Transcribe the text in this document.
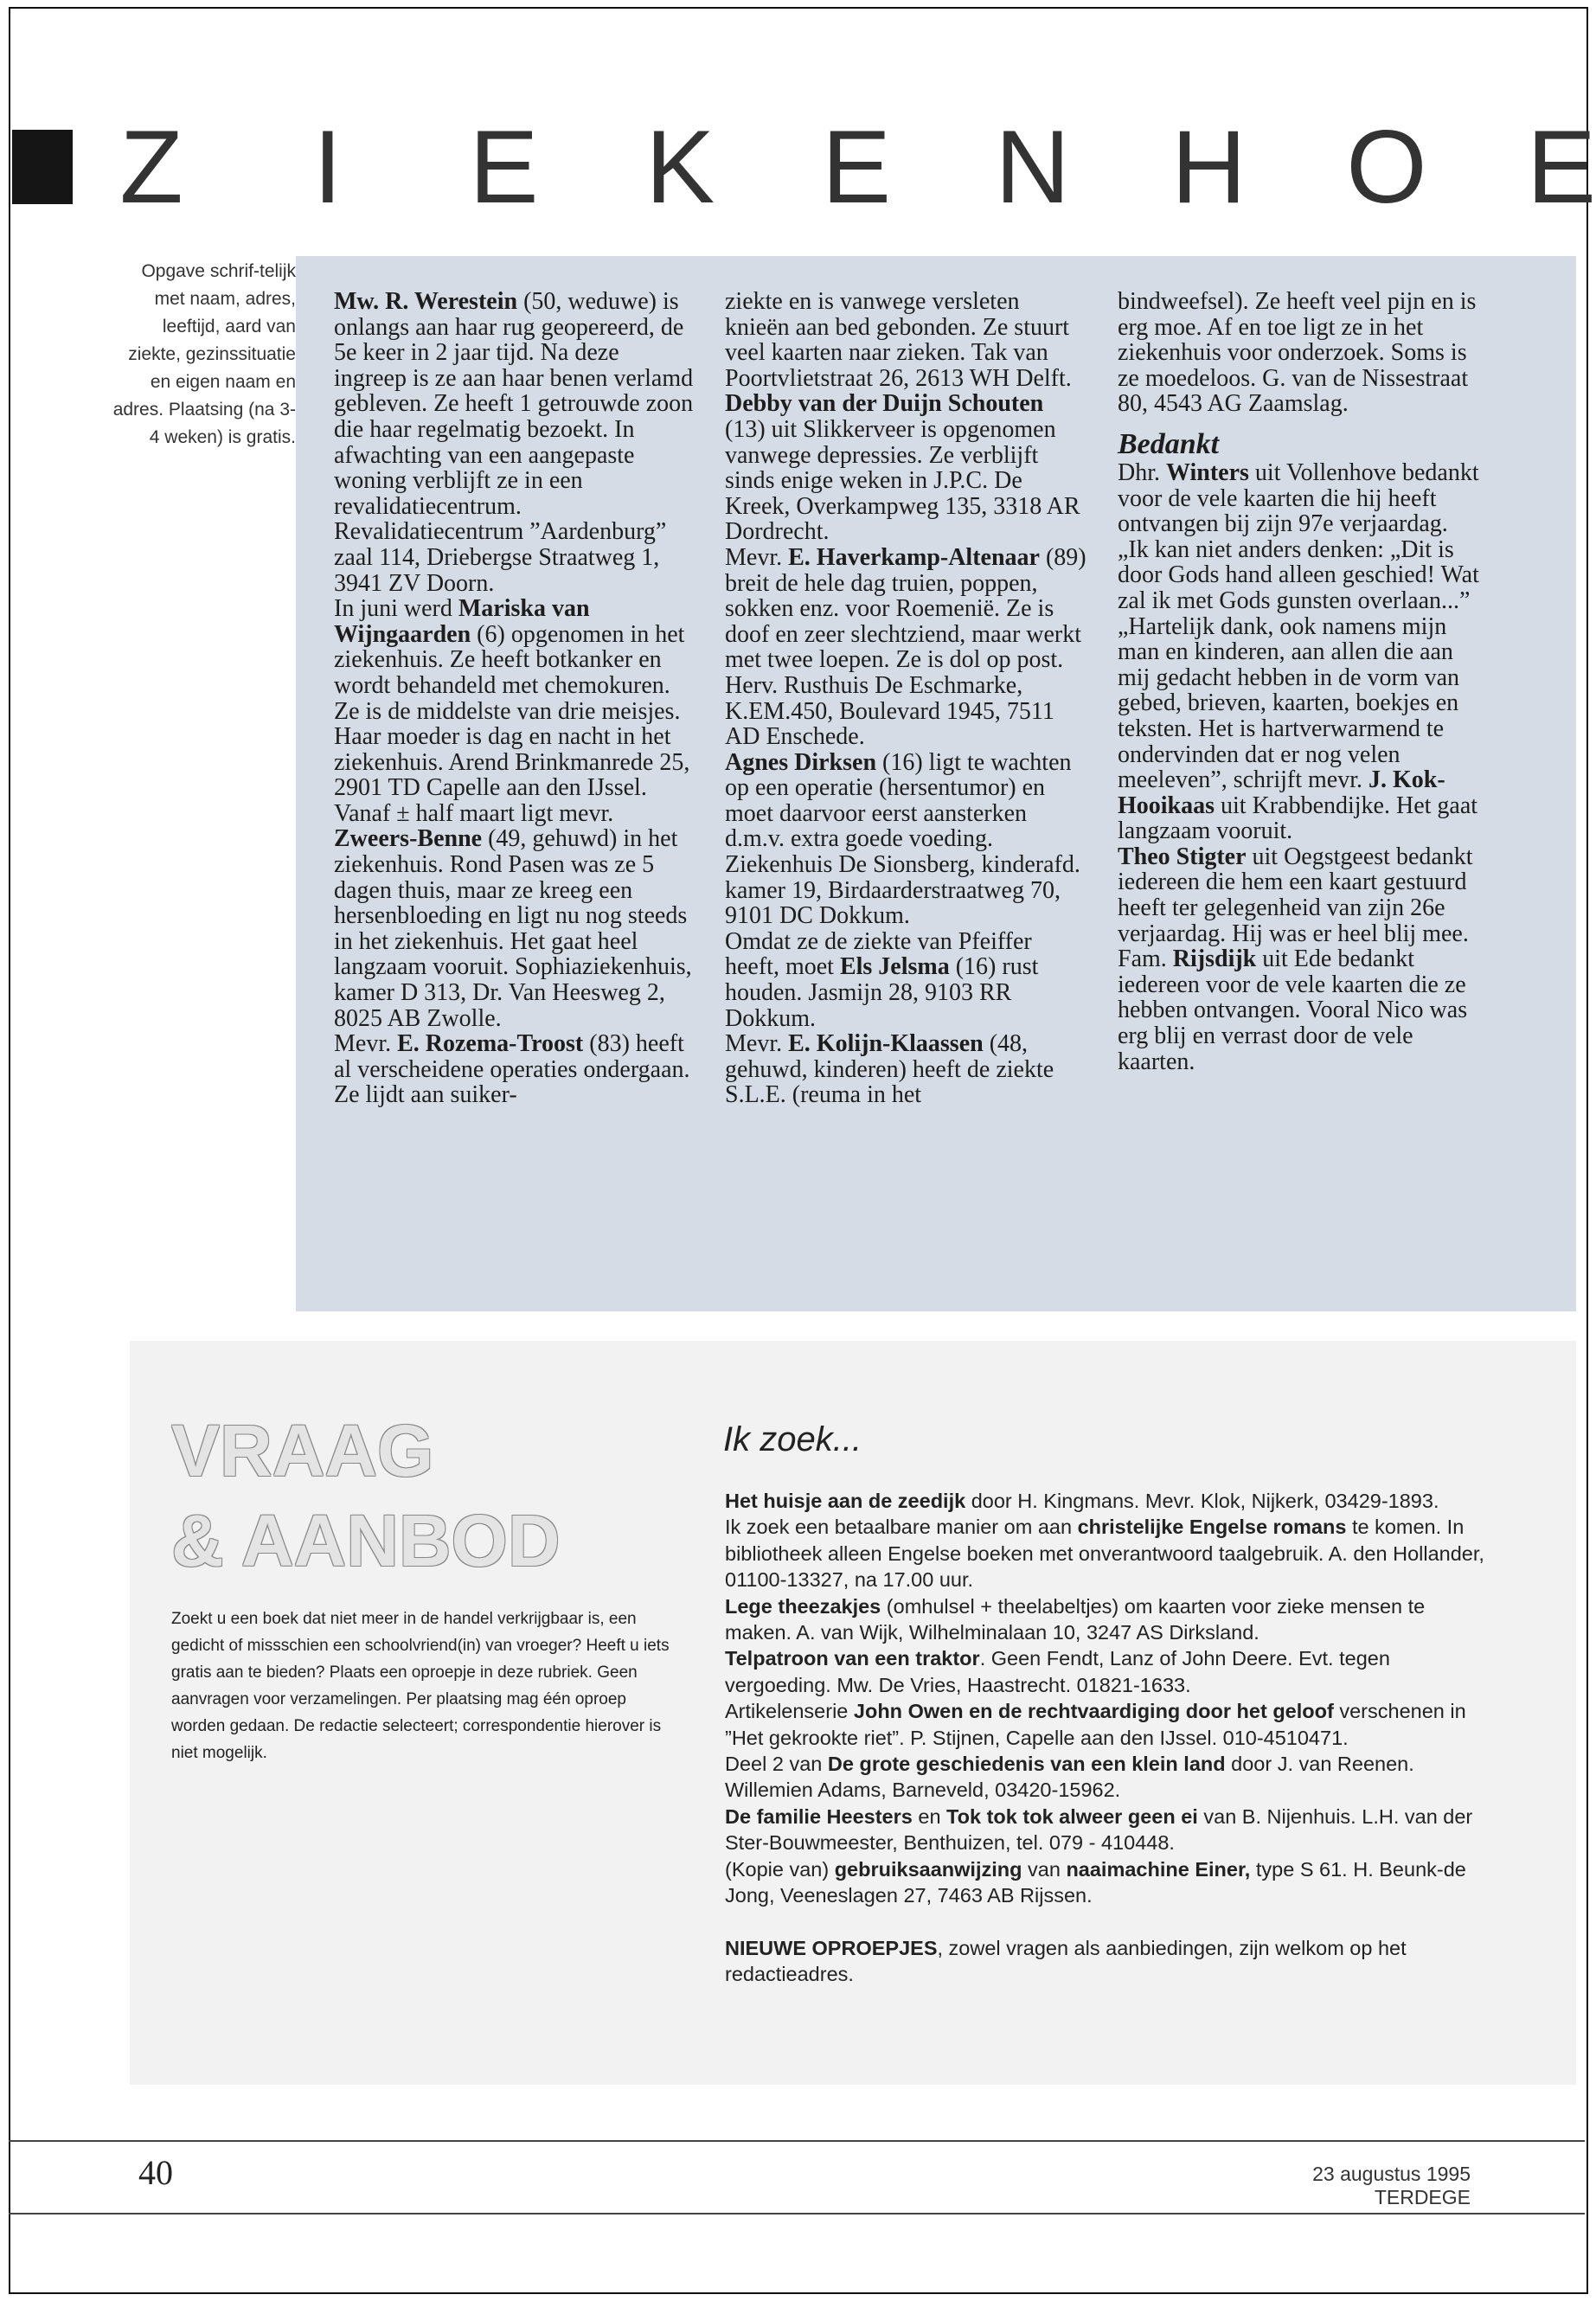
Z I E K E N H O E
Opgave schrif-telijk met naam, adres, leeftijd, aard van ziekte, gezinssituatie en eigen naam en adres. Plaatsing (na 3-4 weken) is gratis.

Mw. R. Werestein (50, weduwe) is onlangs aan haar rug geopereerd, de 5e keer in 2 jaar tijd. Na deze ingreep is ze aan haar benen verlamd gebleven. Ze heeft 1 getrouwde zoon die haar regelmatig bezoekt. In afwachting van een aangepaste woning verblijft ze in een revalidatiecentrum. Revalidatiecentrum ”Aardenburg” zaal 114, Driebergse Straatweg 1, 3941 ZV Doorn.

In juni werd Mariska van Wijngaarden (6) opgenomen in het ziekenhuis. Ze heeft botkanker en wordt behandeld met chemokuren. Ze is de middelste van drie meisjes. Haar moeder is dag en nacht in het ziekenhuis. Arend Brinkmanrede 25, 2901 TD Capelle aan den IJssel.

Vanaf ± half maart ligt mevr. Zweers-Benne (49, gehuwd) in het ziekenhuis. Rond Pasen was ze 5 dagen thuis, maar ze kreeg een hersenbloeding en ligt nu nog steeds in het ziekenhuis. Het gaat heel langzaam vooruit. Sophiaziekenhuis, kamer D 313, Dr. Van Heesweg 2, 8025 AB Zwolle.

Mevr. E. Rozema-Troost (83) heeft al verscheidene operaties ondergaan. Ze lijdt aan suiker-

ziekte en is vanwege versleten knieën aan bed gebonden. Ze stuurt veel kaarten naar zieken. Tak van Poortvlietstraat 26, 2613 WH Delft.

Debby van der Duijn Schouten (13) uit Slikkerveer is opgenomen vanwege depressies. Ze verblijft sinds enige weken in J.P.C. De Kreek, Overkampweg 135, 3318 AR Dordrecht.

Mevr. E. Haverkamp-Altenaar (89) breit de hele dag truien, poppen, sokken enz. voor Roemenië. Ze is doof en zeer slechtziend, maar werkt met twee loepen. Ze is dol op post. Herv. Rusthuis De Eschmarke, K.EM.450, Boulevard 1945, 7511 AD Enschede.

Agnes Dirksen (16) ligt te wachten op een operatie (hersentumor) en moet daarvoor eerst aansterken d.m.v. extra goede voeding. Ziekenhuis De Sionsberg, kinderafd. kamer 19, Birdaarderstraatweg 70, 9101 DC Dokkum.

Omdat ze de ziekte van Pfeiffer heeft, moet Els Jelsma (16) rust houden. Jasmijn 28, 9103 RR Dokkum.

Mevr. E. Kolijn-Klaassen (48, gehuwd, kinderen) heeft de ziekte S.L.E. (reuma in het

bindweefsel). Ze heeft veel pijn en is erg moe. Af en toe ligt ze in het ziekenhuis voor onderzoek. Soms is ze moedeloos. G. van de Nissestraat 80, 4543 AG Zaamslag.

Bedankt

Dhr. Winters uit Vollenhove bedankt voor de vele kaarten die hij heeft ontvangen bij zijn 97e verjaardag. „Ik kan niet anders denken: „Dit is door Gods hand alleen geschied! Wat zal ik met Gods gunsten overlaan...” „Hartelijk dank, ook namens mijn man en kinderen, aan allen die aan mij gedacht hebben in de vorm van gebed, brieven, kaarten, boekjes en teksten. Het is hartverwarmend te ondervinden dat er nog velen meeleven”, schrijft mevr. J. Kok-Hooikaas uit Krabbendijke. Het gaat langzaam vooruit.

Theo Stigter uit Oegstgeest bedankt iedereen die hem een kaart gestuurd heeft ter gelegenheid van zijn 26e verjaardag. Hij was er heel blij mee.

Fam. Rijsdijk uit Ede bedankt iedereen voor de vele kaarten die ze hebben ontvangen. Vooral Nico was erg blij en verrast door de vele kaarten.

VRAAG
& AANBOD
Zoekt u een boek dat niet meer in de handel verkrijgbaar is, een gedicht of missschien een schoolvriend(in) van vroeger? Heeft u iets gratis aan te bieden? Plaats een oproepje in deze rubriek. Geen aanvragen voor verzamelingen. Per plaatsing mag één oproep worden gedaan. De redactie selecteert; correspondentie hierover is niet mogelijk.
Ik zoek...

Het huisje aan de zeedijk door H. Kingmans. Mevr. Klok, Nijkerk, 03429-1893.

Ik zoek een betaalbare manier om aan christelijke Engelse romans te komen. In bibliotheek alleen Engelse boeken met onverantwoord taalgebruik. A. den Hollander, 01100-13327, na 17.00 uur.

Lege theezakjes (omhulsel + theelabeltjes) om kaarten voor zieke mensen te maken. A. van Wijk, Wilhelminalaan 10, 3247 AS Dirksland.

Telpatroon van een traktor. Geen Fendt, Lanz of John Deere. Evt. tegen vergoeding. Mw. De Vries, Haastrecht. 01821-1633.

Artikelenserie John Owen en de rechtvaardiging door het geloof verschenen in ”Het gekrookte riet”. P. Stijnen, Capelle aan den IJssel. 010-4510471.

Deel 2 van De grote geschiedenis van een klein land door J. van Reenen. Willemien Adams, Barneveld, 03420-15962.

De familie Heesters en Tok tok tok alweer geen ei van B. Nijenhuis. L.H. van der Ster-Bouwmeester, Benthuizen, tel. 079 - 410448.

(Kopie van) gebruiksaanwijzing van naaimachine Einer, type S 61. H. Beunk-de Jong, Veeneslagen 27, 7463 AB Rijssen.

NIEUWE OPROEPJES, zowel vragen als aanbiedingen, zijn welkom op het redactieadres.

40	23 augustus 1995 TERDEGE
